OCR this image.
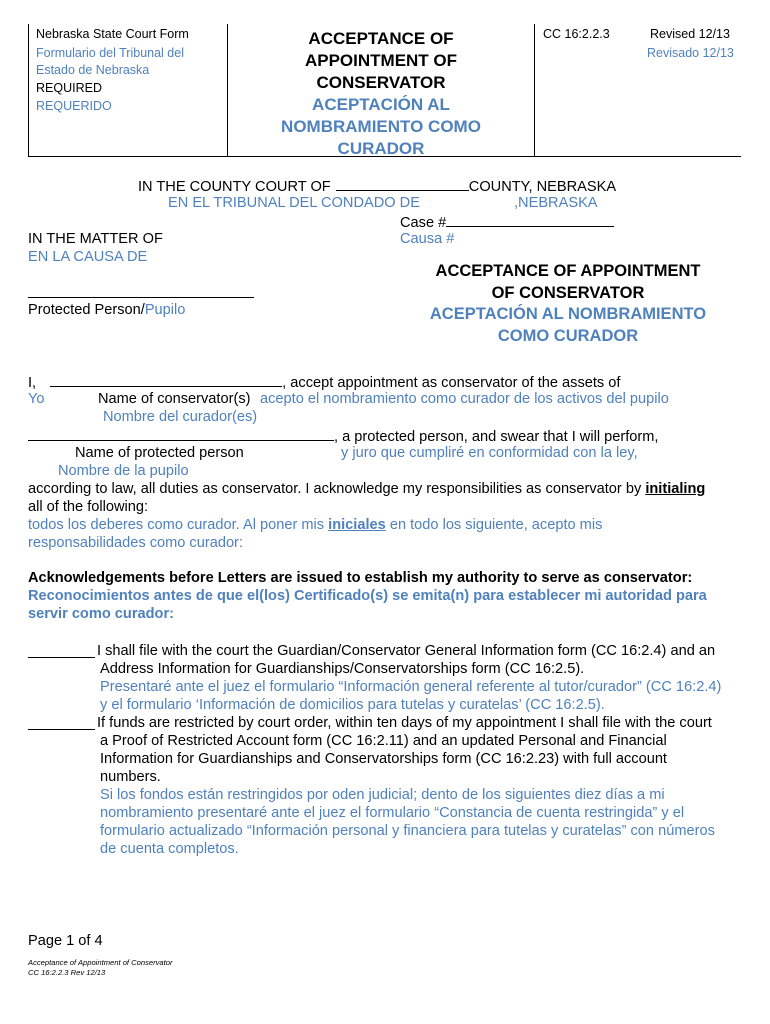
Nebraska State Court Form
Formulario del Tribunal del Estado de Nebraska
REQUIRED
REQUERIDO
ACCEPTANCE OF
APPOINTMENT OF
CONSERVATOR
ACEPTACIÓN AL
NOMBRAMIENTO COMO
CURADOR
CC 16:2.2.3	Revised 12/13
Revisado 12/13
IN THE COUNTY COURT OF	COUNTY, NEBRASKA
EN EL TRIBUNAL DEL CONDADO DE	,NEBRASKA
Case #
Causa #
IN THE MATTER OF
EN LA CAUSA DE
Protected Person/Pupilo
ACCEPTANCE OF APPOINTMENT
OF CONSERVATOR
ACEPTACIÓN AL NOMBRAMIENTO
COMO CURADOR
I,	, accept appointment as conservator of the assets of
Yo	Name of conservator(s) acepto el nombramiento como curador de los activos del pupilo
Nombre del curador(es)
, a protected person, and swear that I will perform,
Name of protected person	y juro que cumpliré en conformidad con la ley,
Nombre de la pupilo
according to law, all duties as conservator. I acknowledge my responsibilities as conservator by initialing
all of the following:
todos los deberes como curador. Al poner mis iniciales en todo los siguiente, acepto mis
responsabilidades como curador:
Acknowledgements before Letters are issued to establish my authority to serve as conservator:
Reconocimientos antes de que el(los) Certificado(s) se emita(n) para establecer mi autoridad para
servir como curador:
I shall file with the court the Guardian/Conservator General Information form (CC 16:2.4) and an
Address Information for Guardianships/Conservatorships form (CC 16:2.5).
Presentaré ante el juez el formulario “Información general referente al tutor/curador” (CC 16:2.4)
y el formulario ‘Información de domicilios para tutelas y curatelas’ (CC 16:2.5).
If funds are restricted by court order, within ten days of my appointment I shall file with the court
a Proof of Restricted Account form (CC 16:2.11) and an updated Personal and Financial
Information for Guardianships and Conservatorships form (CC 16:2.23) with full account
numbers.
Si los fondos están restringidos por oden judicial; dento de los siguientes diez días a mi
nombramiento presentaré ante el juez el formulario “Constancia de cuenta restringida” y el
formulario actualizado “Información personal y financiera para tutelas y curatelas” con números
de cuenta completos.
Page 1 of 4
Acceptance of Appointment of Conservator
CC 16:2.2.3 Rev 12/13
